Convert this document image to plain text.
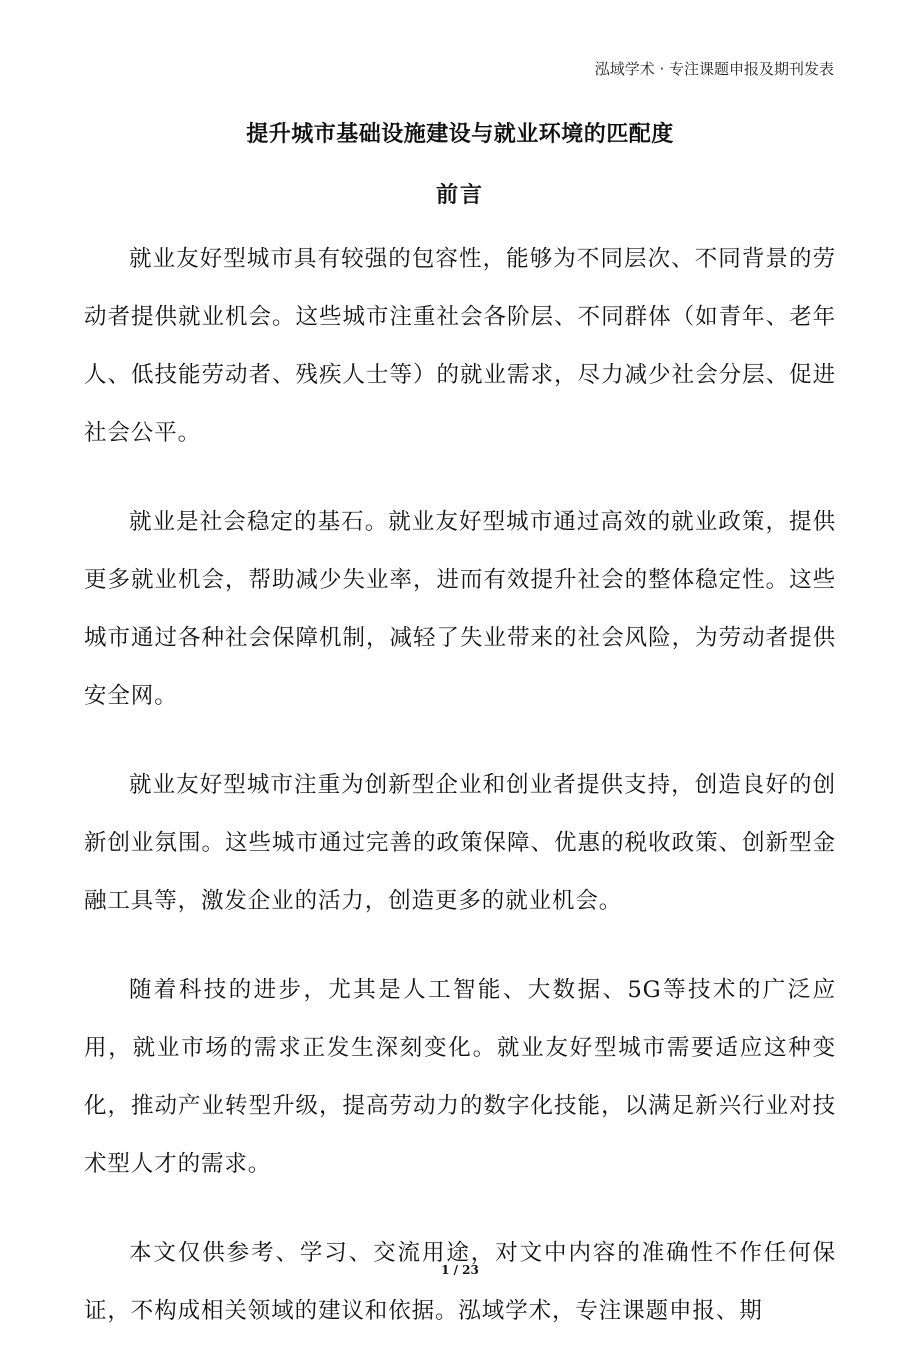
泓域学术 · 专注课题申报及期刊发表
提升城市基础设施建设与就业环境的匹配度
前言

就业友好型城市具有较强的包容性，能够为不同层次、不同背景的劳动者提供就业机会。这些城市注重社会各阶层、不同群体（如青年、老年人、低技能劳动者、残疾人士等）的就业需求，尽力减少社会分层、促进社会公平。

就业是社会稳定的基石。就业友好型城市通过高效的就业政策，提供更多就业机会，帮助减少失业率，进而有效提升社会的整体稳定性。这些城市通过各种社会保障机制，减轻了失业带来的社会风险，为劳动者提供安全网。

就业友好型城市注重为创新型企业和创业者提供支持，创造良好的创新创业氛围。这些城市通过完善的政策保障、优惠的税收政策、创新型金融工具等，激发企业的活力，创造更多的就业机会。

随着科技的进步，尤其是人工智能、大数据、5G等技术的广泛应用，就业市场的需求正发生深刻变化。就业友好型城市需要适应这种变化，推动产业转型升级，提高劳动力的数字化技能，以满足新兴行业对技术型人才的需求。

本文仅供参考、学习、交流用途，对文中内容的准确性不作任何保证，不构成相关领域的建议和依据。泓域学术，专注课题申报、期

1 / 23
